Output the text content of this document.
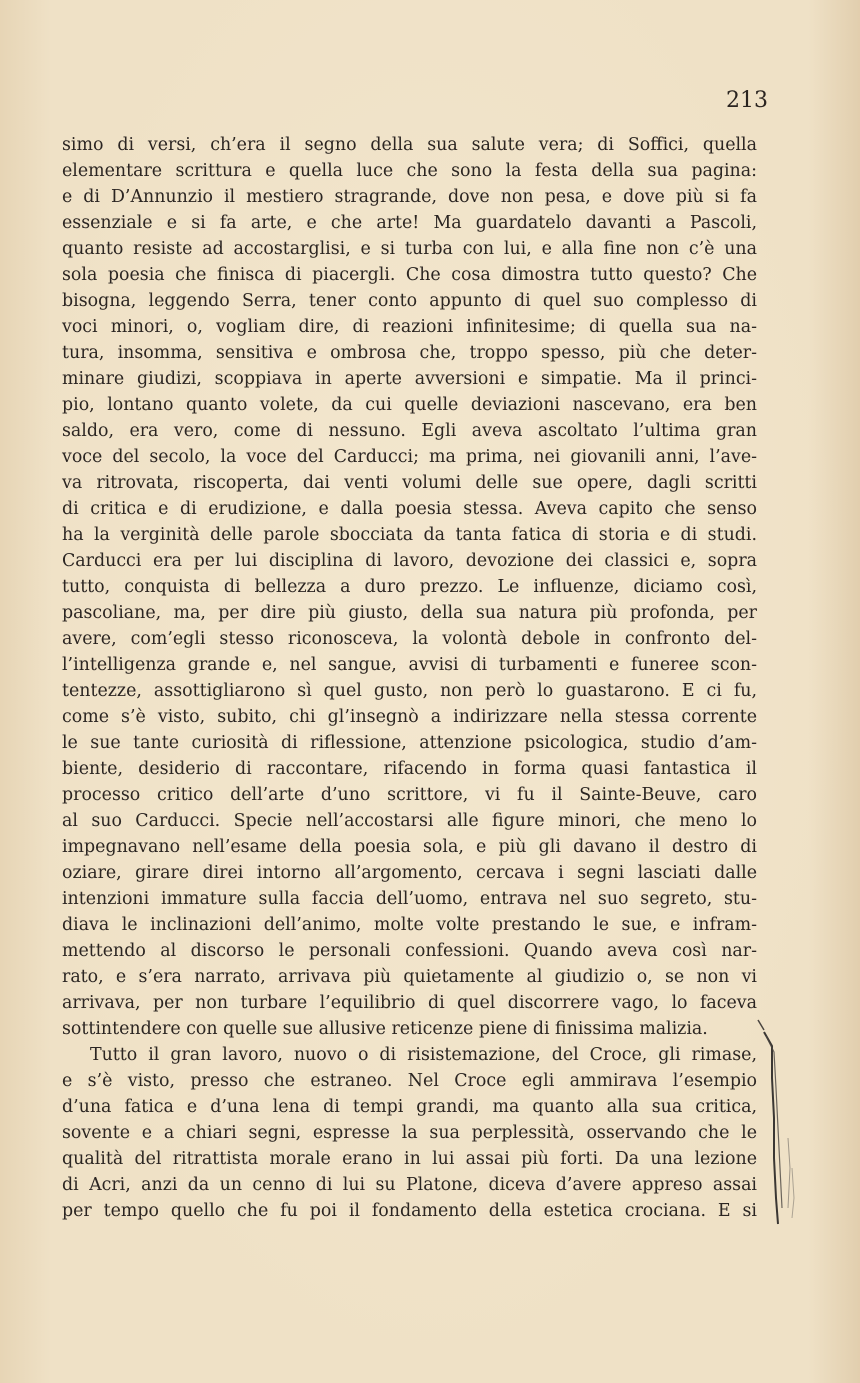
213

simo di versi, ch’era il segno della sua salute vera; di Soffici, quella
elementare scrittura e quella luce che sono la festa della sua pagina:
e di D’Annunzio il mestiero stragrande, dove non pesa, e dove più si fa
essenziale e si fa arte, e che arte! Ma guardatelo davanti a Pascoli,
quanto resiste ad accostarglisi, e si turba con lui, e alla fine non c’è una
sola poesia che finisca di piacergli. Che cosa dimostra tutto questo? Che
bisogna, leggendo Serra, tener conto appunto di quel suo complesso di
voci minori, o, vogliam dire, di reazioni infinitesime; di quella sua na-
tura, insomma, sensitiva e ombrosa che, troppo spesso, più che deter-
minare giudizi, scoppiava in aperte avversioni e simpatie. Ma il princi-
pio, lontano quanto volete, da cui quelle deviazioni nascevano, era ben
saldo, era vero, come di nessuno. Egli aveva ascoltato l’ultima gran
voce del secolo, la voce del Carducci; ma prima, nei giovanili anni, l’ave-
va ritrovata, riscoperta, dai venti volumi delle sue opere, dagli scritti
di critica e di erudizione, e dalla poesia stessa. Aveva capito che senso
ha la verginità delle parole sbocciata da tanta fatica di storia e di studi.
Carducci era per lui disciplina di lavoro, devozione dei classici e, sopra
tutto, conquista di bellezza a duro prezzo. Le influenze, diciamo così,
pascoliane, ma, per dire più giusto, della sua natura più profonda, per
avere, com’egli stesso riconosceva, la volontà debole in confronto del-
l’intelligenza grande e, nel sangue, avvisi di turbamenti e funeree scon-
tentezze, assottigliarono sì quel gusto, non però lo guastarono. E ci fu,
come s’è visto, subito, chi gl’insegnò a indirizzare nella stessa corrente
le sue tante curiosità di riflessione, attenzione psicologica, studio d’am-
biente, desiderio di raccontare, rifacendo in forma quasi fantastica il
processo critico dell’arte d’uno scrittore, vi fu il Sainte-Beuve, caro
al suo Carducci. Specie nell’accostarsi alle figure minori, che meno lo
impegnavano nell’esame della poesia sola, e più gli davano il destro di
oziare, girare direi intorno all’argomento, cercava i segni lasciati dalle
intenzioni immature sulla faccia dell’uomo, entrava nel suo segreto, stu-
diava le inclinazioni dell’animo, molte volte prestando le sue, e infram-
mettendo al discorso le personali confessioni. Quando aveva così nar-
rato, e s’era narrato, arrivava più quietamente al giudizio o, se non vi
arrivava, per non turbare l’equilibrio di quel discorrere vago, lo faceva
sottintendere con quelle sue allusive reticenze piene di finissima malizia.
Tutto il gran lavoro, nuovo o di risistemazione, del Croce, gli rimase,
e s’è visto, presso che estraneo. Nel Croce egli ammirava l’esempio
d’una fatica e d’una lena di tempi grandi, ma quanto alla sua critica,
sovente e a chiari segni, espresse la sua perplessità, osservando che le
qualità del ritrattista morale erano in lui assai più forti. Da una lezione
di Acri, anzi da un cenno di lui su Platone, diceva d’avere appreso assai
per tempo quello che fu poi il fondamento della estetica crociana. E si
